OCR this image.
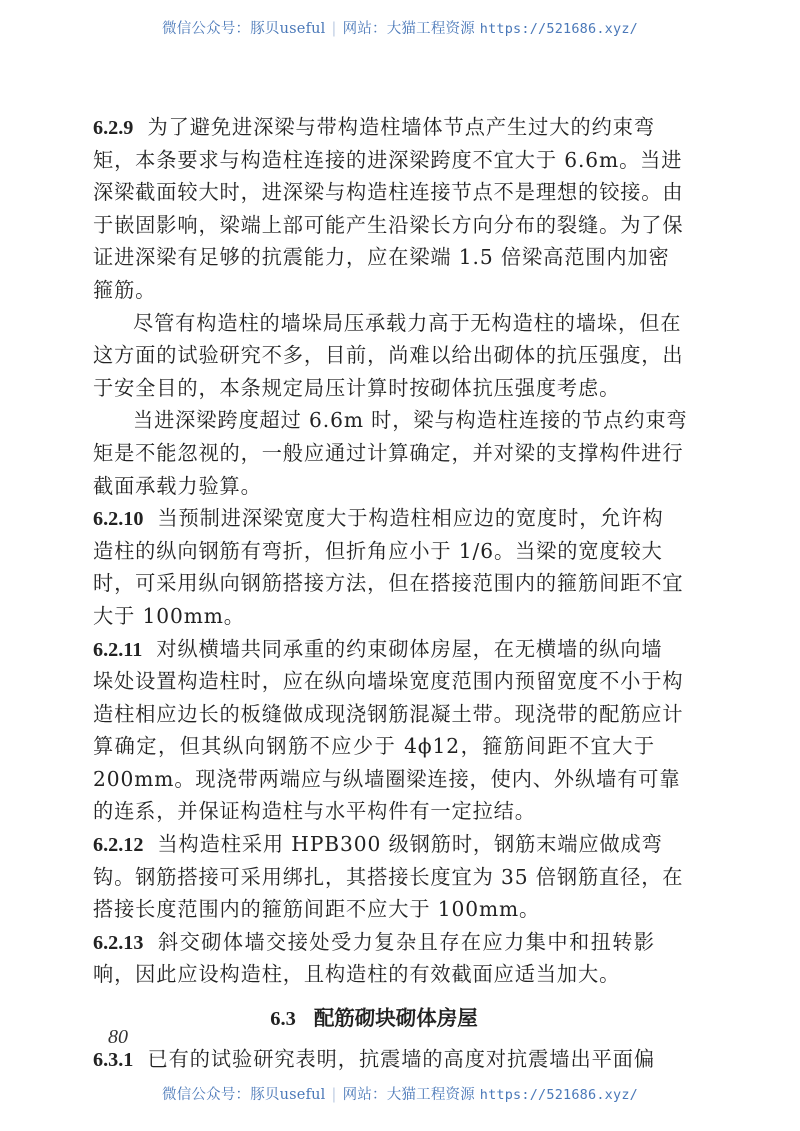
微信公众号：豚贝useful | 网站：大猫工程资源 https://521686.xyz/
6.2.9 为了避免进深梁与带构造柱墙体节点产生过大的约束弯
矩，本条要求与构造柱连接的进深梁跨度不宜大于 6.6m。当进
深梁截面较大时，进深梁与构造柱连接节点不是理想的铰接。由
于嵌固影响，梁端上部可能产生沿梁长方向分布的裂缝。为了保
证进深梁有足够的抗震能力，应在梁端 1.5 倍梁高范围内加密
箍筋。
尽管有构造柱的墙垛局压承载力高于无构造柱的墙垛，但在
这方面的试验研究不多，目前，尚难以给出砌体的抗压强度，出
于安全目的，本条规定局压计算时按砌体抗压强度考虑。
当进深梁跨度超过 6.6m 时，梁与构造柱连接的节点约束弯
矩是不能忽视的，一般应通过计算确定，并对梁的支撑构件进行
截面承载力验算。
6.2.10 当预制进深梁宽度大于构造柱相应边的宽度时，允许构
造柱的纵向钢筋有弯折，但折角应小于 1/6。当梁的宽度较大
时，可采用纵向钢筋搭接方法，但在搭接范围内的箍筋间距不宜
大于 100mm。
6.2.11 对纵横墙共同承重的约束砌体房屋，在无横墙的纵向墙
垛处设置构造柱时，应在纵向墙垛宽度范围内预留宽度不小于构
造柱相应边长的板缝做成现浇钢筋混凝土带。现浇带的配筋应计
算确定，但其纵向钢筋不应少于 4ϕ12，箍筋间距不宜大于
200mm。现浇带两端应与纵墙圈梁连接，使内、外纵墙有可靠
的连系，并保证构造柱与水平构件有一定拉结。
6.2.12 当构造柱采用 HPB300 级钢筋时，钢筋末端应做成弯
钩。钢筋搭接可采用绑扎，其搭接长度宜为 35 倍钢筋直径，在
搭接长度范围内的箍筋间距不应大于 100mm。
6.2.13 斜交砌体墙交接处受力复杂且存在应力集中和扭转影
响，因此应设构造柱，且构造柱的有效截面应适当加大。
6.3 配筋砌块砌体房屋
6.3.1 已有的试验研究表明，抗震墙的高度对抗震墙出平面偏
80
微信公众号：豚贝useful | 网站：大猫工程资源 https://521686.xyz/
